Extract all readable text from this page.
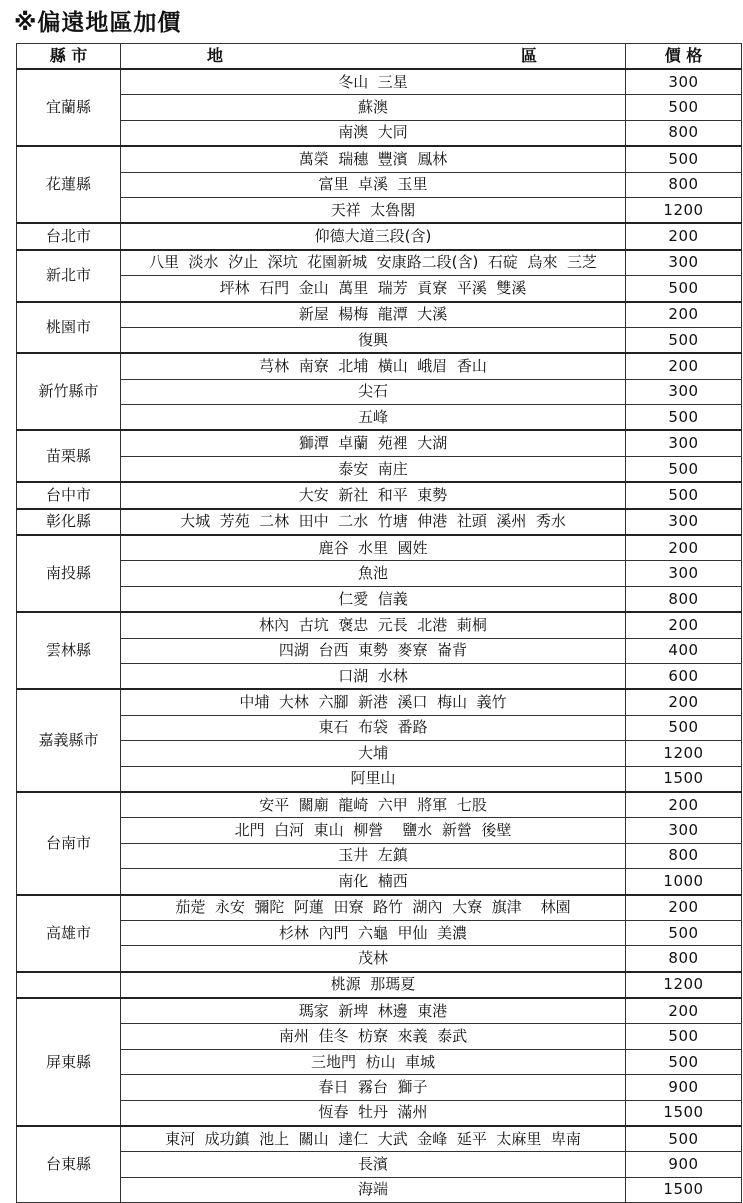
※偏遠地區加價
縣 市	地 區	價 格
宜蘭縣	冬山  三星	300
	蘇澳	500
	南澳  大同	800
花蓮縣	萬榮  瑞穗  豐濱  鳳林	500
	富里  卓溪  玉里	800
	天祥  太魯閣	1200
台北市	仰德大道三段(含)	200
新北市	八里  淡水  汐止  深坑  花園新城  安康路二段(含)  石碇  烏來  三芝	300
	坪林  石門  金山  萬里  瑞芳  貢寮  平溪  雙溪	500
桃園市	新屋  楊梅  龍潭  大溪	200
	復興	500
新竹縣市	芎林  南寮  北埔  橫山  峨眉  香山	200
	尖石	300
	五峰	500
苗栗縣	獅潭  卓蘭  苑裡  大湖	300
	泰安  南庄	500
台中市	大安  新社  和平  東勢	500
彰化縣	大城  芳苑  二林  田中  二水  竹塘  伸港  社頭  溪州  秀水	300
南投縣	鹿谷  水里  國姓	200
	魚池	300
	仁愛  信義	800
雲林縣	林內  古坑  褒忠  元長  北港  莿桐	200
	四湖  台西  東勢  麥寮  崙背	400
	口湖  水林	600
嘉義縣市	中埔  大林  六腳  新港  溪口  梅山  義竹	200
	東石  布袋  番路	500
	大埔	1200
	阿里山	1500
台南市	安平  關廟  龍崎  六甲  將軍  七股	200
	北門  白河  東山  柳營    鹽水  新營  後壁	300
	玉井  左鎮	800
	南化  楠西	1000
高雄市	茄萣  永安  彌陀  阿蓮  田寮  路竹  湖內  大寮  旗津    林園	200
	杉林  內門  六龜  甲仙  美濃	500
	茂林	800
	桃源  那瑪夏	1200
屏東縣	瑪家  新埤  林邊  東港	200
	南州  佳冬  枋寮  來義  泰武	500
	三地門  枋山  車城	500
	春日  霧台  獅子	900
	恆春  牡丹  滿州	1500
台東縣	東河  成功鎮  池上  關山  達仁  大武  金峰  延平  太麻里  卑南	500
	長濱	900
	海端	1500
